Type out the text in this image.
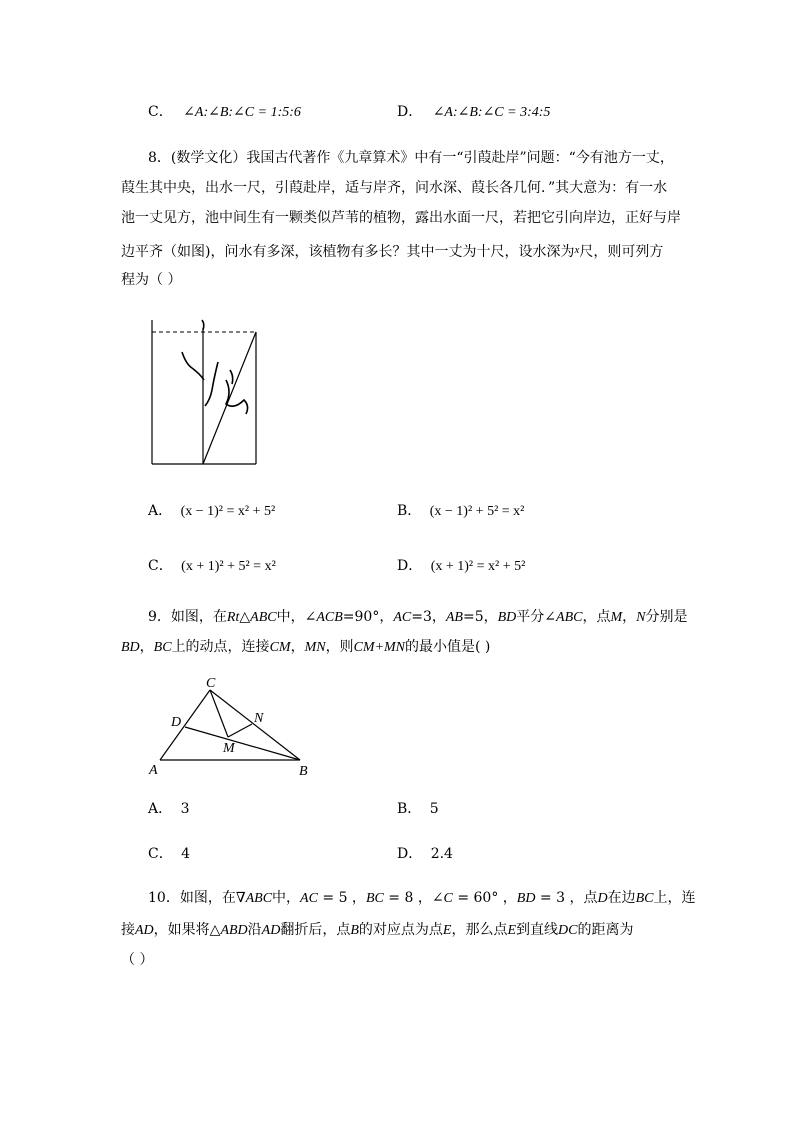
C． ∠A:∠B:∠C = 1:5:6	D． ∠A:∠B:∠C = 3:4:5
8．(数学文化）我国古代著作《九章算术》中有一“引葭赴岸”问题：“今有池方一丈，
葭生其中央，出水一尺，引葭赴岸，适与岸齐，问水深、葭长各几何．”其大意为：有一水
池一丈见方，池中间生有一颗类似芦苇的植物，露出水面一尺，若把它引向岸边，正好与岸
边平齐（如图)，问水有多深，该植物有多长？其中一丈为十尺，设水深为$^x$尺，则可列方
程为（ ）
A． (x − 1)² = x² + 5²	B． (x − 1)² + 5² = x²
C． (x + 1)² + 5² = x²	D． (x + 1)² = x² + 5²
9．如图，在Rt△ABC中，∠ACB=90°，AC=3，AB=5，BD平分∠ABC，点M，N分别是
BD，BC上的动点，连接CM，MN，则CM+MN的最小值是( )
C
D	N
M
A	B
A． 3	B． 5
C． 4	D． 2.4
10．如图，在∇ABC中，AC = 5 ，BC = 8 ，∠C = 60° ，BD = 3 ，点D在边BC上，连
接AD，如果将△ABD沿AD翻折后，点B的对应点为点E，那么点E到直线DC的距离为
（ ）
